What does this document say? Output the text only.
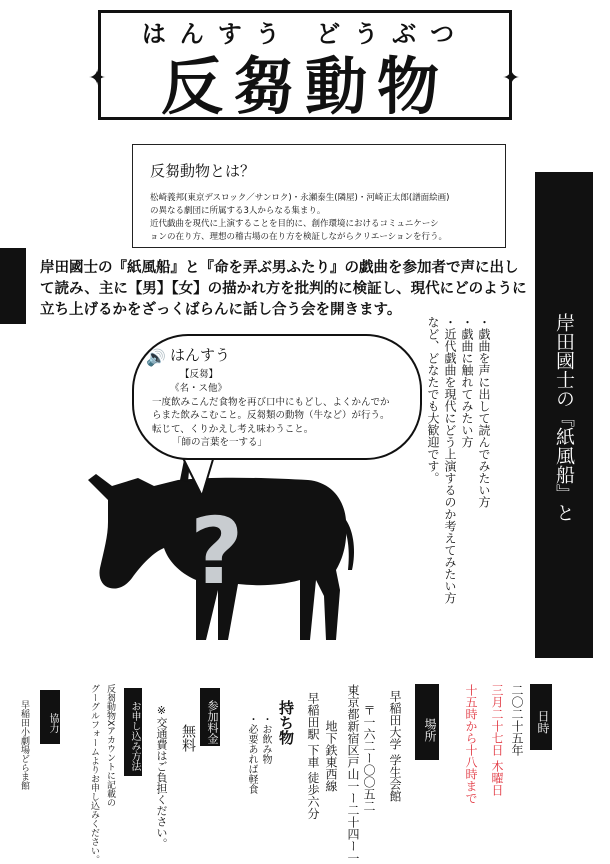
はんすう どうぶつ
反芻動物
✦	✦
反芻動物とは？
松崎義邦(東京デスロック／サンロク)・永瀬泰生(隣屋)・河崎正太郎(譜面絵画)
の異なる劇団に所属する3人からなる集まり。
近代戯曲を現代に上演することを目的に、創作環境におけるコミュニケーシ
ョンの在り方、理想の稽古場の在り方を検証しながらクリエーションを行う。
岸田國士の『紙風船』と
『命を弄ぶ男ふたり』を反芻する会
岸田國士の『紙風船』と『命を弄ぶ男ふたり』の戯曲を参加者で声に出して読み、主に【男】【女】の描かれ方を批判的に検証し、現代にどのように立ち上げるかをざっくばらんに話し合う会を開きます。
・戯曲を声に出して読んでみたい方
・戯曲に触れてみたい方
・近代戯曲を現代にどう上演するのか考えてみたい方
など、どなたでも大歓迎です。
?
🔊 はんすう
【反芻】
《名・ス他》
一度飲みこんだ食物を再び口中にもどし、よくかんでか
らまた飲みこむこと。反芻類の動物（牛など）が行う。
転じて、くりかえし考え味わうこと。
「師の言葉を一する」
日時
二〇二十五年
三月二十七日 木曜日
十五時から十八時まで
場所
早稲田大学 学生会館
〒一六二ー〇〇五二
東京都新宿区戸山一ー二十四ー一
地下鉄東西線
早稲田駅 下車 徒歩六分
持ち物
・お飲み物
・必要あれば軽食
参加料金
無料
※交通費はご負担ください。
お申し込み方法
反芻動物Xアカウントに記載の
グーグルフォームよりお申し込みください。
協力
早稲田小劇場どらま館
